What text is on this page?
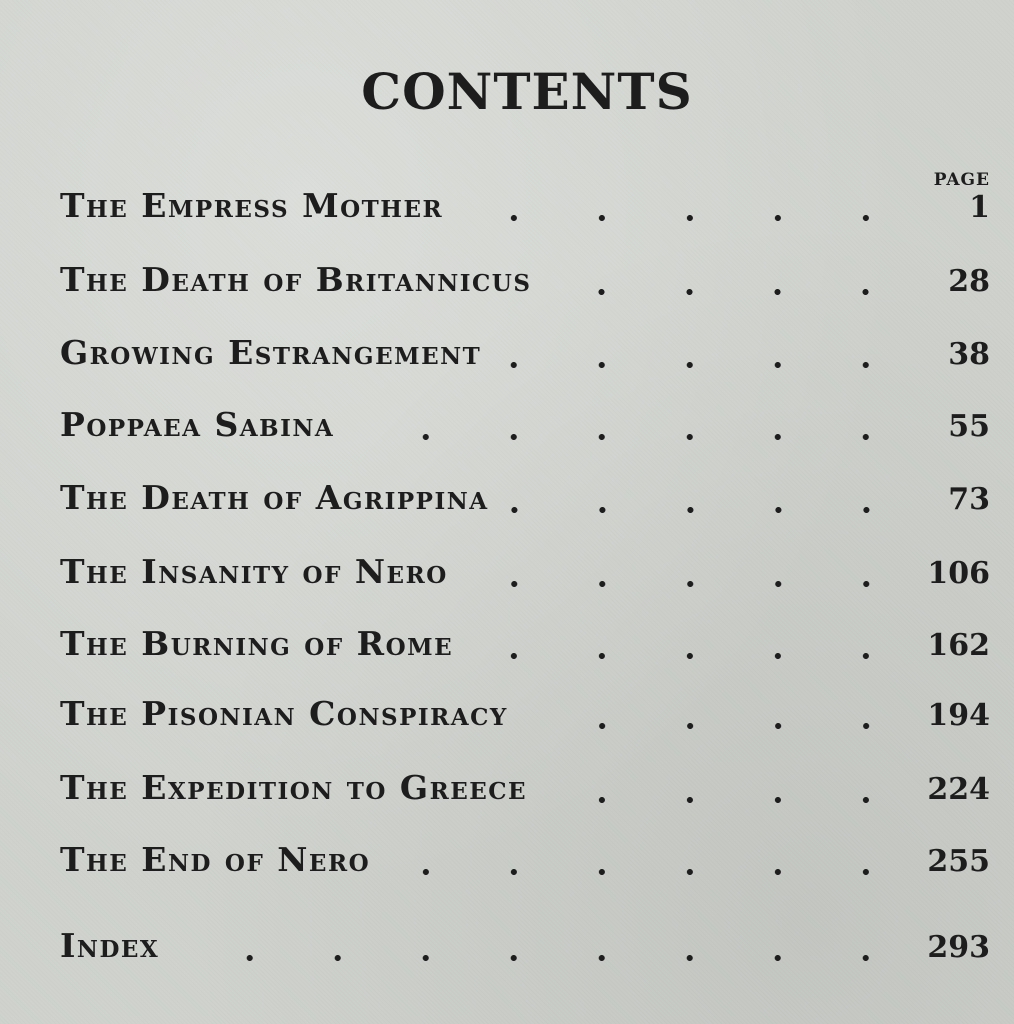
CONTENTS
PAGE
The Empress Mother	1
The Death of Britannicus	28
Growing Estrangement	38
Poppaea Sabina	55
The Death of Agrippina	73
The Insanity of Nero	106
The Burning of Rome	162
The Pisonian Conspiracy	194
The Expedition to Greece	224
The End of Nero	255
Index	293
